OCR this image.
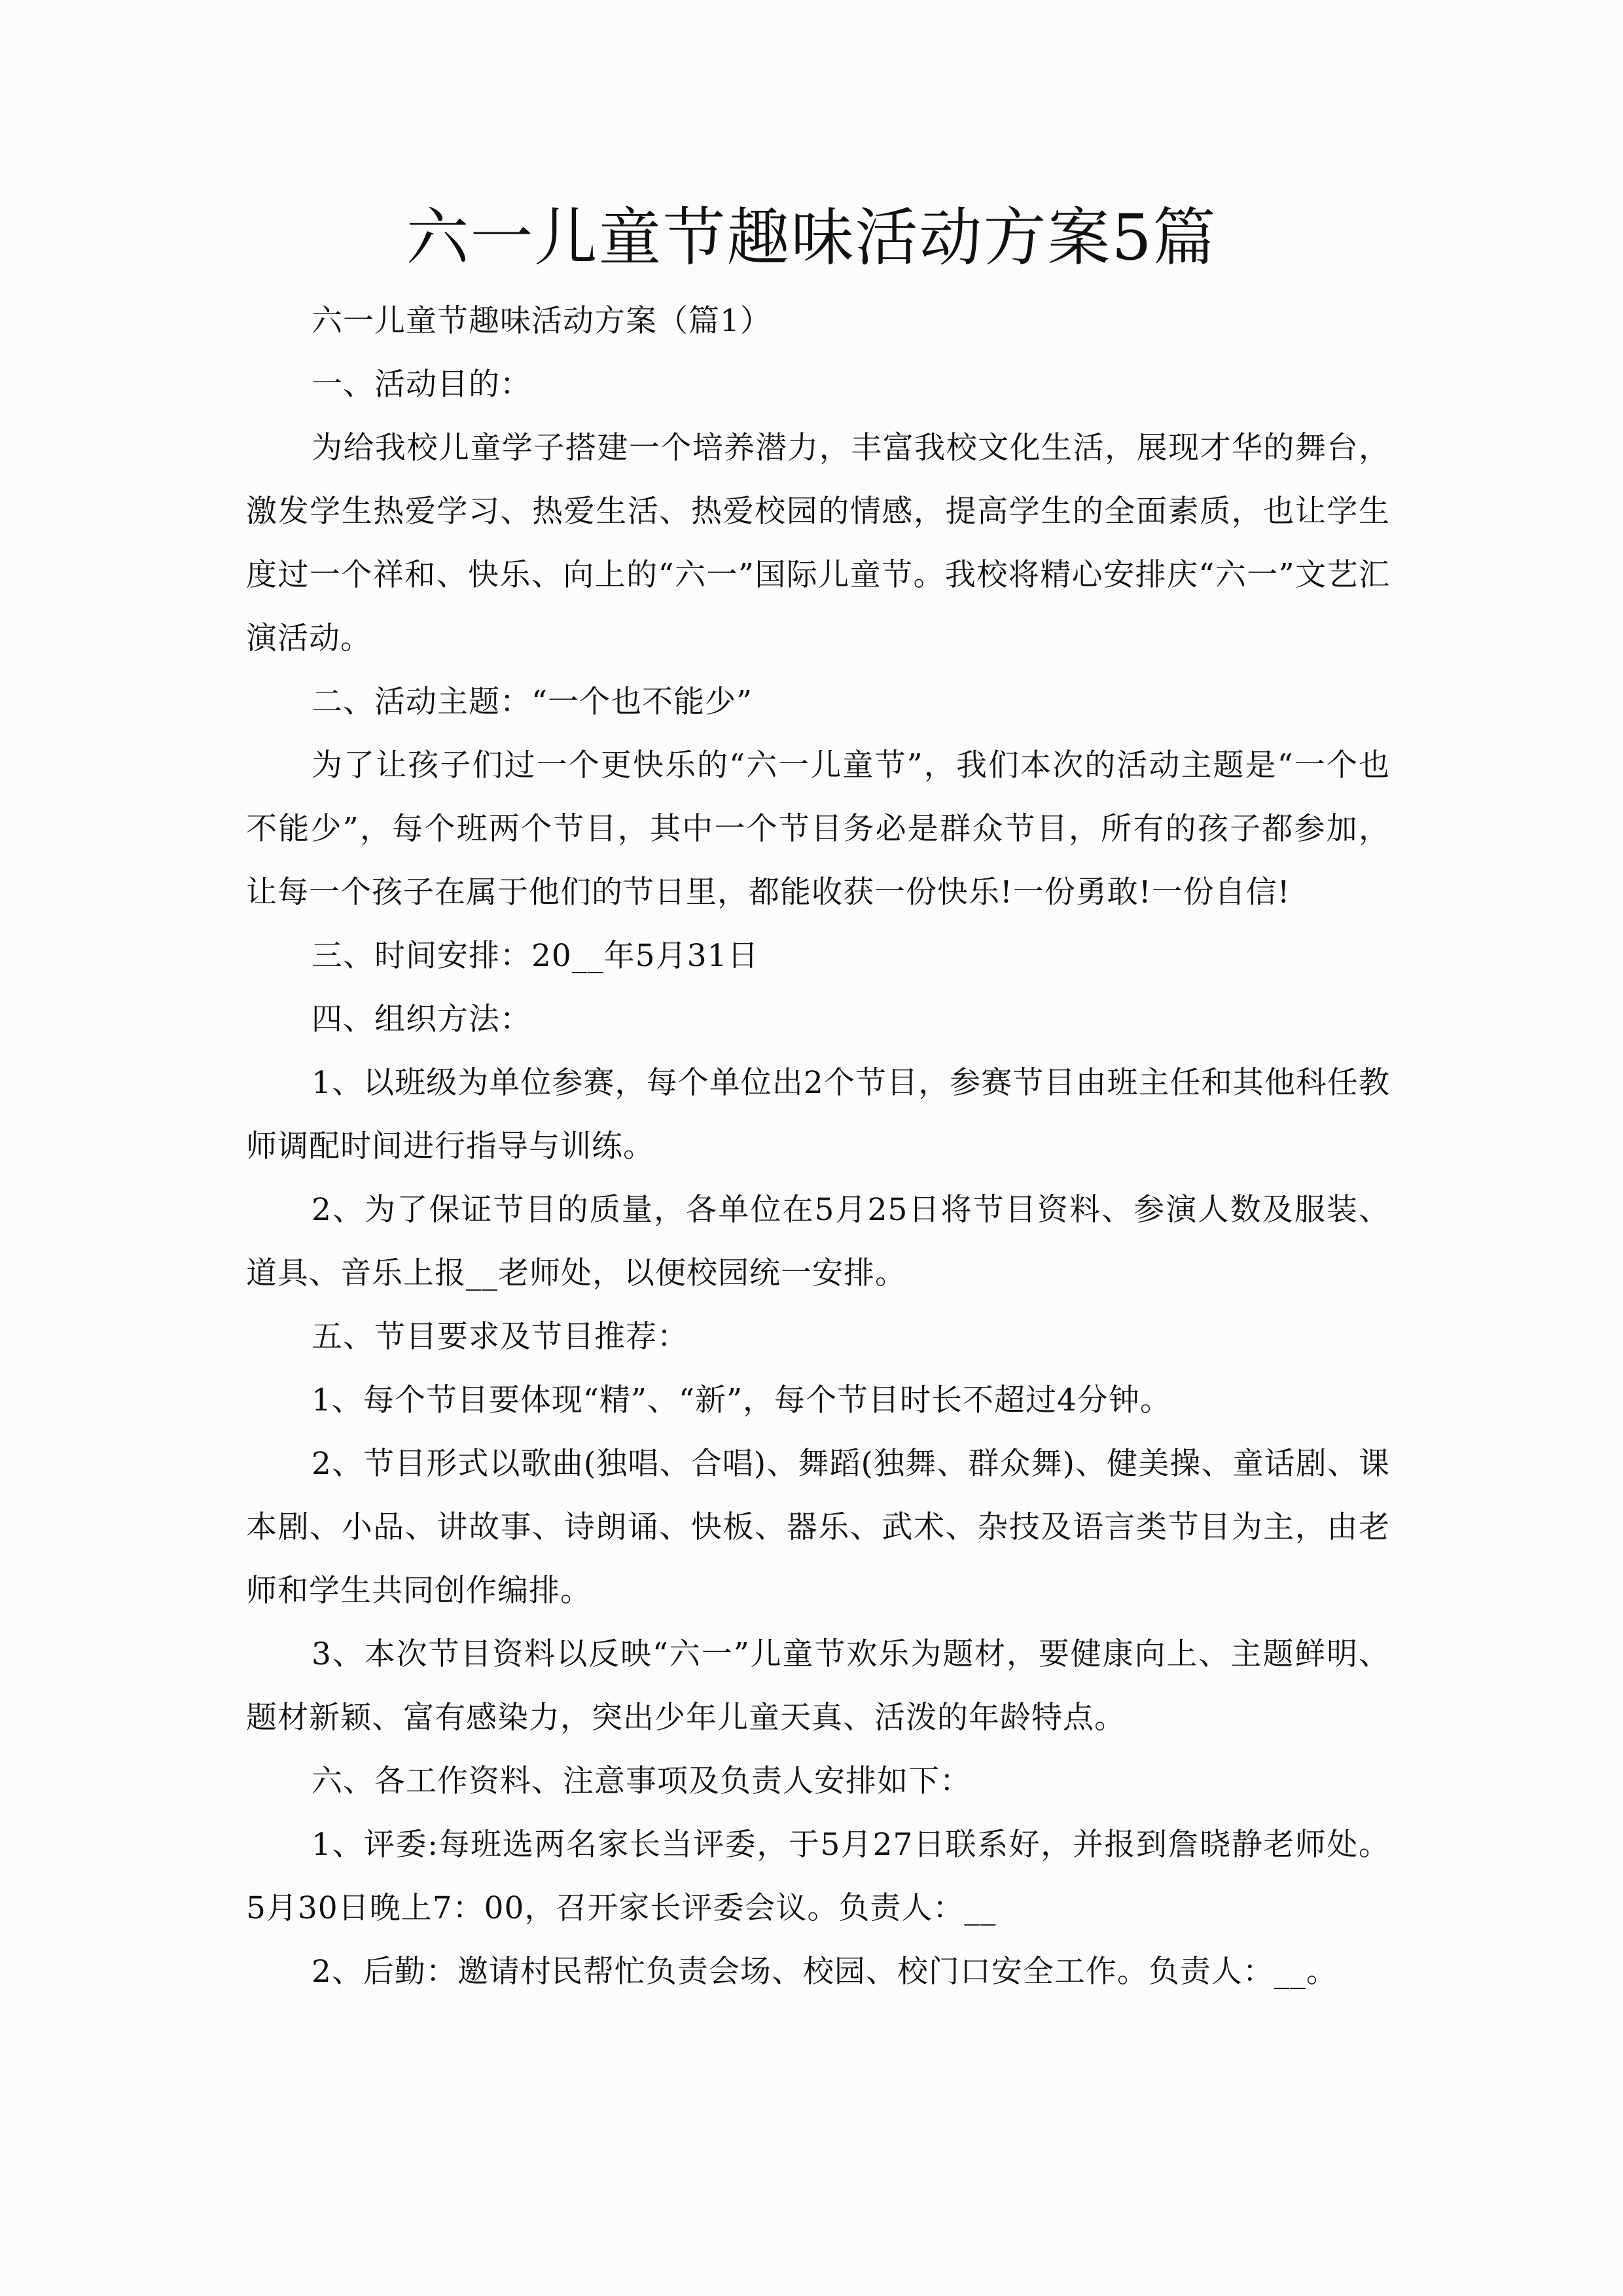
六一儿童节趣味活动方案5篇

六一儿童节趣味活动方案（篇1）

一、活动目的：

为给我校儿童学子搭建一个培养潜力，丰富我校文化生活，展现才华的舞台，激发学生热爱学习、热爱生活、热爱校园的情感，提高学生的全面素质，也让学生度过一个祥和、快乐、向上的“六一”国际儿童节。我校将精心安排庆“六一”文艺汇演活动。

二、活动主题：“一个也不能少”

为了让孩子们过一个更快乐的“六一儿童节”，我们本次的活动主题是“一个也不能少”，每个班两个节目，其中一个节目务必是群众节目，所有的孩子都参加，让每一个孩子在属于他们的节日里，都能收获一份快乐!一份勇敢!一份自信!

三、时间安排：20__年5月31日

四、组织方法：

1、以班级为单位参赛，每个单位出2个节目，参赛节目由班主任和其他科任教师调配时间进行指导与训练。

2、为了保证节目的质量，各单位在5月25日将节目资料、参演人数及服装、道具、音乐上报__老师处，以便校园统一安排。

五、节目要求及节目推荐：

1、每个节目要体现“精”、“新”，每个节目时长不超过4分钟。

2、节目形式以歌曲(独唱、合唱)、舞蹈(独舞、群众舞)、健美操、童话剧、课本剧、小品、讲故事、诗朗诵、快板、器乐、武术、杂技及语言类节目为主，由老师和学生共同创作编排。

3、本次节目资料以反映“六一”儿童节欢乐为题材，要健康向上、主题鲜明、题材新颖、富有感染力，突出少年儿童天真、活泼的年龄特点。

六、各工作资料、注意事项及负责人安排如下：

1、评委:每班选两名家长当评委，于5月27日联系好，并报到詹晓静老师处。5月30日晚上7：00，召开家长评委会议。负责人：__

2、后勤：邀请村民帮忙负责会场、校园、校门口安全工作。负责人：__。
